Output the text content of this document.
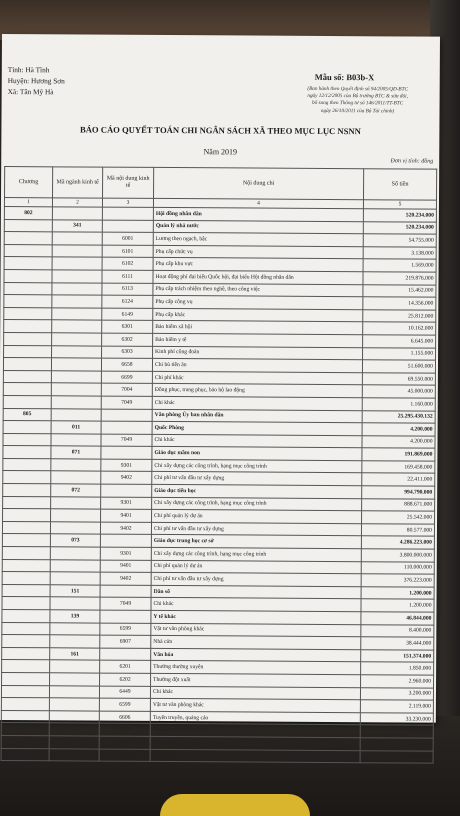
Tỉnh: Hà Tĩnh
Huyện: Hương Sơn
Xã: Tân Mỹ Hà
Mẫu số: B03b-X
(Ban hành theo Quyết định số 94/2005/QĐ-BTC
ngày 12/12/2005 của Bộ trưởng BTC & sửa đổi,
bổ sung theo Thông tư số 146/2011/TT-BTC
ngày 26/10/2011 của Bộ Tài chính)
BÁO CÁO QUYẾT TOÁN CHI NGÂN SÁCH XÃ THEO MỤC LỤC NSNN
Năm 2019
Đơn vị tính: đồng
Chương	Mã ngành kinh tế	Mã nội dung kinh tế	Nội dung chi	Số tiền
1	2	3	4	5
802			Hội đồng nhân dân	520.234.000
	341		Quản lý nhà nước	520.234.000
		6001	Lương theo ngạch, bậc	54.755.000
		6101	Phụ cấp chức vụ	3.138.000
		6102	Phụ cấp khu vực	1.569.000
		6111	Hoạt động phí đại biểu Quốc hội, đại biểu Hội đồng nhân dân	219.876.000
		6113	Phụ cấp trách nhiệm theo nghề, theo công việc	15.462.000
		6124	Phụ cấp công vụ	14.356.000
		6149	Phụ cấp khác	25.812.000
		6301	Bảo hiểm xã hội	10.162.000
		6302	Bảo hiểm y tế	6.645.000
		6303	Kinh phí công đoàn	1.155.000
		6658	Chi bù tiền ăn	51.600.000
		6699	Chi phí khác	69.550.000
		7004	Đồng phục, trang phục, bảo hộ lao động	45.000.000
		7049	Chi khác	1.160.000
805			Văn phòng Ủy ban nhân dân	25.295.430.132
	011		Quốc Phòng	4.200.000
		7049	Chi khác	4.200.000
	071		Giáo dục mầm non	191.869.000
		9301	Chi xây dựng các công trình, hạng mục công trình	169.458.000
		9402	Chi phí tư vấn đầu tư xây dựng	22.411.000
	072		Giáo dục tiểu học	994.790.000
		9301	Chi xây dựng các công trình, hạng mục công trình	888.671.000
		9401	Chi phí quản lý dự án	25.542.000
		9402	Chi phí tư vấn đầu tư xây dựng	80.577.000
	073		Giáo dục trung học cơ sở	4.286.223.000
		9301	Chi xây dựng các công trình, hạng mục công trình	3.800.000.000
		9401	Chi phí quản lý dự án	110.000.000
		9402	Chi phí tư vấn đầu tư xây dựng	376.223.000
	151		Dân số	1.200.000
		7049	Chi khác	1.200.000
	139		Y tế khác	46.844.000
		6599	Vật tư văn phòng khác	8.400.000
		6907	Nhà cửa	38.444.000
	161		Văn hóa	151.374.000
		6201	Thưởng thường xuyên	1.850.000
		6202	Thưởng đột xuất	2.960.000
		6449	Chi khác	3.200.000
		6599	Vật tư văn phòng khác	2.119.000
		6606	Tuyên truyền, quảng cáo	33.230.000
		6799	Chi phí thuê mướn khác	1.800.000
		6905	Tài sản và thiết bị chuyên dùng	3.780.000
		7049	Chi khác	35.435.000
